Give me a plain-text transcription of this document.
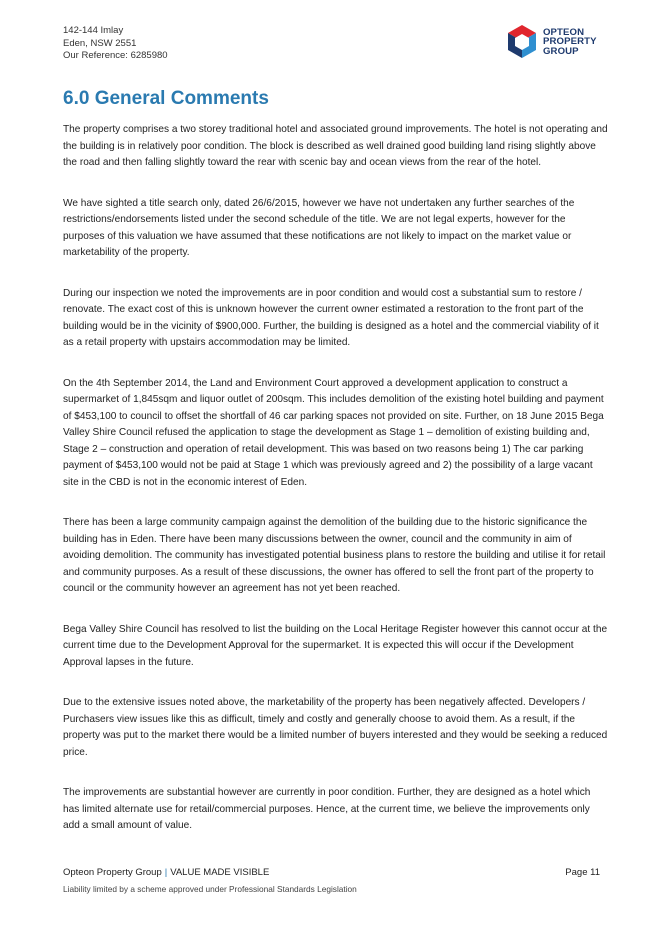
142-144 Imlay
Eden, NSW 2551
Our Reference: 6285980
OPTEON
PROPERTY
GROUP
6.0 General Comments

The property comprises a two storey traditional hotel and associated ground improvements. The hotel is not operating and the building is in relatively poor condition. The block is described as well drained good building land rising slightly above the road and then falling slightly toward the rear with scenic bay and ocean views from the rear of the hotel.

We have sighted a title search only, dated 26/6/2015, however we have not undertaken any further searches of the restrictions/endorsements listed under the second schedule of the title. We are not legal experts, however for the purposes of this valuation we have assumed that these notifications are not likely to impact on the market value or marketability of the property.

During our inspection we noted the improvements are in poor condition and would cost a substantial sum to restore / renovate. The exact cost of this is unknown however the current owner estimated a restoration to the front part of the building would be in the vicinity of $900,000. Further, the building is designed as a hotel and the commercial viability of it as a retail property with upstairs accommodation may be limited.

On the 4th September 2014, the Land and Environment Court approved a development application to construct a supermarket of 1,845sqm and liquor outlet of 200sqm. This includes demolition of the existing hotel building and payment of $453,100 to council to offset the shortfall of 46 car parking spaces not provided on site. Further, on 18 June 2015 Bega Valley Shire Council refused the application to stage the development as Stage 1 – demolition of existing building and, Stage 2 – construction and operation of retail development. This was based on two reasons being 1) The car parking payment of $453,100 would not be paid at Stage 1 which was previously agreed and 2) the possibility of a large vacant site in the CBD is not in the economic interest of Eden.

There has been a large community campaign against the demolition of the building due to the historic significance the building has in Eden. There have been many discussions between the owner, council and the community in aim of avoiding demolition. The community has investigated potential business plans to restore the building and utilise it for retail and community purposes. As a result of these discussions, the owner has offered to sell the front part of the property to council or the community however an agreement has not yet been reached.

Bega Valley Shire Council has resolved to list the building on the Local Heritage Register however this cannot occur at the current time due to the Development Approval for the supermarket. It is expected this will occur if the Development Approval lapses in the future.

Due to the extensive issues noted above, the marketability of the property has been negatively affected. Developers / Purchasers view issues like this as difficult, timely and costly and generally choose to avoid them. As a result, if the property was put to the market there would be a limited number of buyers interested and they would be seeking a reduced price.

The improvements are substantial however are currently in poor condition. Further, they are designed as a hotel which has limited alternate use for retail/commercial purposes. Hence, at the current time, we believe the improvements only add a small amount of value.

Opteon Property Group | VALUE MADE VISIBLE	Page 11
Liability limited by a scheme approved under Professional Standards Legislation
